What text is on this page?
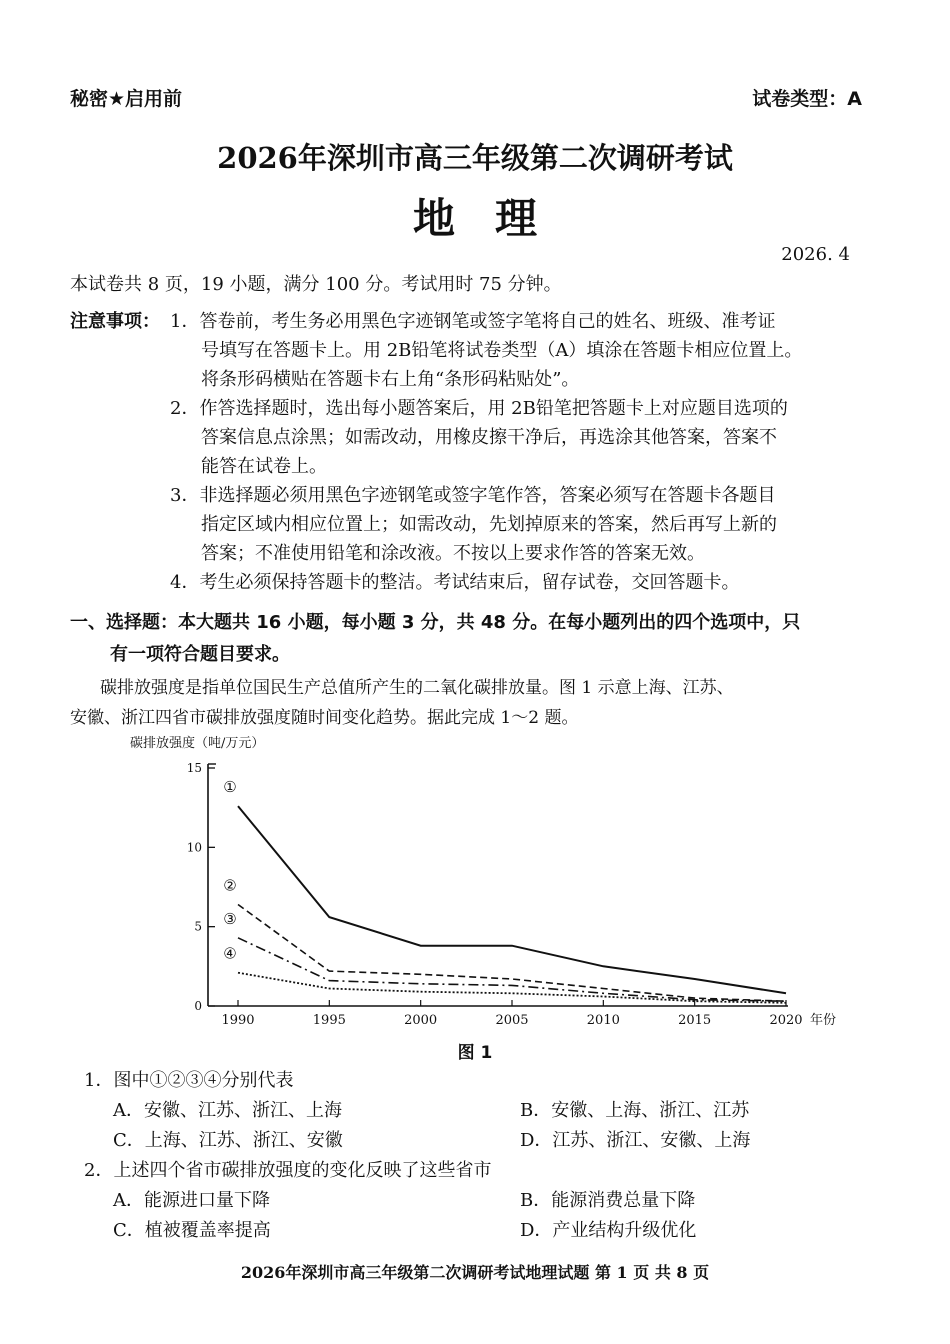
秘密★启用前	试卷类型：A
2026年深圳市高三年级第二次调研考试
地理
2026. 4
本试卷共 8 页，19 小题，满分 100 分。考试用时 75 分钟。
注意事项： 1．答卷前，考生务必用黑色字迹钢笔或签字笔将自己的姓名、班级、准考证
号填写在答题卡上。用 2B铅笔将试卷类型（A）填涂在答题卡相应位置上。
将条形码横贴在答题卡右上角“条形码粘贴处”。
2．作答选择题时，选出每小题答案后，用 2B铅笔把答题卡上对应题目选项的
答案信息点涂黑；如需改动，用橡皮擦干净后，再选涂其他答案，答案不
能答在试卷上。
3．非选择题必须用黑色字迹钢笔或签字笔作答，答案必须写在答题卡各题目
指定区域内相应位置上；如需改动，先划掉原来的答案，然后再写上新的
答案；不准使用铅笔和涂改液。不按以上要求作答的答案无效。
4．考生必须保持答题卡的整洁。考试结束后，留存试卷，交回答题卡。
一、选择题：本大题共 16 小题，每小题 3 分，共 48 分。在每小题列出的四个选项中，只
有一项符合题目要求。
碳排放强度是指单位国民生产总值所产生的二氧化碳排放量。图 1 示意上海、江苏、
安徽、浙江四省市碳排放强度随时间变化趋势。据此完成 1～2 题。
碳排放强度（吨/万元）
0
5
10
15
1990	1995	2000	2005	2010	2015	2020 年份
①
②
③
④
图 1
1．图中①②③④分别代表
A．安徽、江苏、浙江、上海	B．安徽、上海、浙江、江苏
C．上海、江苏、浙江、安徽	D．江苏、浙江、安徽、上海
2．上述四个省市碳排放强度的变化反映了这些省市
A．能源进口量下降	B．能源消费总量下降
C．植被覆盖率提高	D．产业结构升级优化
2026年深圳市高三年级第二次调研考试地理试题 第 1 页 共 8 页
